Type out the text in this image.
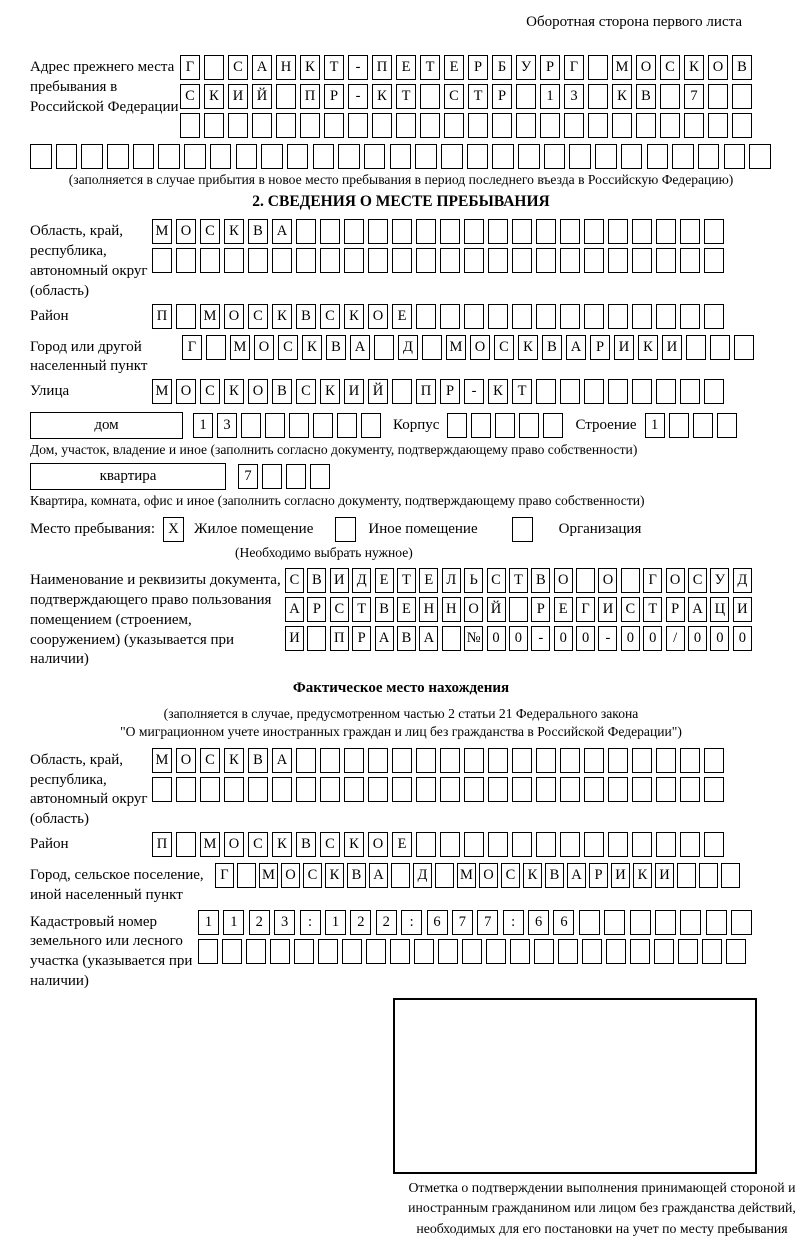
Оборотная сторона первого листа
Адрес прежнего места пребывания в Российской Федерации
Г	С А Н К	Т	-	П Е	Т	Е	Р	Б	У	Р	Г	М О С К О В
С К И Й	П	Р	-	К	Т	С	Т	Р	1	3	К В	7
(заполняется в случае прибытия в новое место пребывания в период последнего въезда в Российскую Федерацию)
2. СВЕДЕНИЯ О МЕСТЕ ПРЕБЫВАНИЯ
Область, край, республика, автономный округ (область)
М О С К В А
Район	П	М О С К В С К О Е
Город или другой населенный пункт
Г	М О С К В А	Д	М О С К В А	Р	И К И
Улица	М О С К О В С К И Й	П	Р	-	К	Т
дом	1	3	Корпус	Строение 1
Дом, участок, владение и иное (заполнить согласно документу, подтверждающему право собственности)
квартира	7
Квартира, комната, офис и иное (заполнить согласно документу, подтверждающему право собственности)
Место пребывания: X	Жилое помещение	Иное помещение	Организация
(Необходимо выбрать нужное)
Наименование и реквизиты документа, подтверждающего право пользования помещением (строением, сооружением) (указывается при наличии)
С В И Д Е Т Е Л Ь С Т В О О	Г О С У Д
А Р С Т В Е Н Н О Й	Р Е Г И С Т Р А Ц И
И П Р А В А № 0	0	-	0	0	-	0	0	/	0	0	0
Фактическое место нахождения
(заполняется в случае, предусмотренном частью 2 статьи 21 Федерального закона
"О миграционном учете иностранных граждан и лиц без гражданства в Российской Федерации")
Область, край, республика, автономный округ (область)
М О С К В А
Район	П	М О С К В С К О Е
Город, сельское поселение, иной населенный пункт
Г	М О С К В А	Д	М О С К В А Р И К И
Кадастровый номер земельного или лесного участка (указывается при наличии)
1	1	2	3	:	1	2	2	:	6	7	7	:	6	6
Отметка о подтверждении выполнения принимающей стороной и иностранным гражданином или лицом без гражданства действий, необходимых для его постановки на учет по месту пребывания
